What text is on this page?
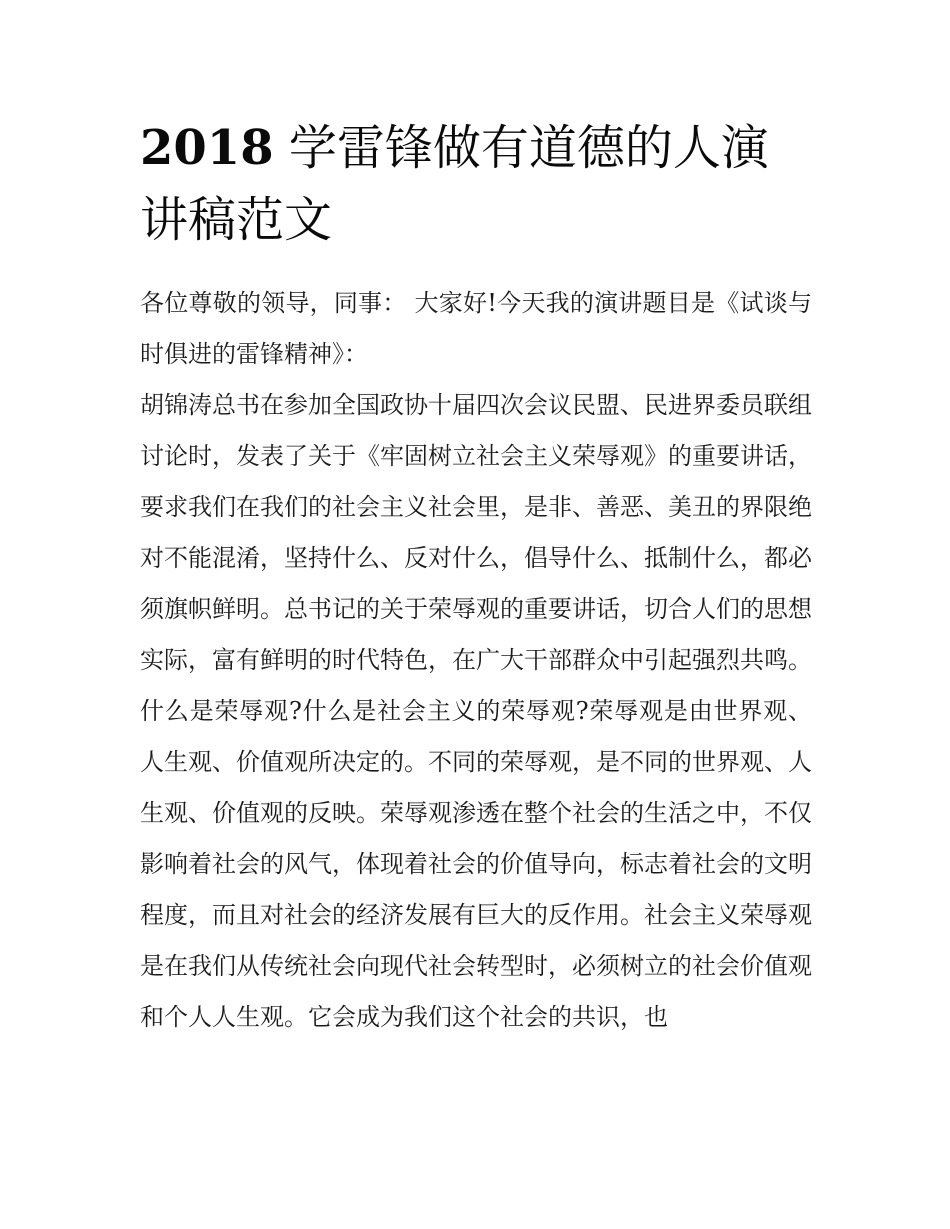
2018 学雷锋做有道德的人演讲稿范文

各位尊敬的领导，同事： 大家好!今天我的演讲题目是《试谈与时俱进的雷锋精神》：

胡锦涛总书在参加全国政协十届四次会议民盟、民进界委员联组讨论时，发表了关于《牢固树立社会主义荣辱观》的重要讲话，要求我们在我们的社会主义社会里，是非、善恶、美丑的界限绝对不能混淆，坚持什么、反对什么，倡导什么、抵制什么，都必须旗帜鲜明。总书记的关于荣辱观的重要讲话，切合人们的思想实际，富有鲜明的时代特色，在广大干部群众中引起强烈共鸣。

什么是荣辱观?什么是社会主义的荣辱观?荣辱观是由世界观、人生观、价值观所决定的。不同的荣辱观，是不同的世界观、人生观、价值观的反映。荣辱观渗透在整个社会的生活之中，不仅影响着社会的风气，体现着社会的价值导向，标志着社会的文明程度，而且对社会的经济发展有巨大的反作用。社会主义荣辱观是在我们从传统社会向现代社会转型时，必须树立的社会价值观和个人人生观。它会成为我们这个社会的共识，也
